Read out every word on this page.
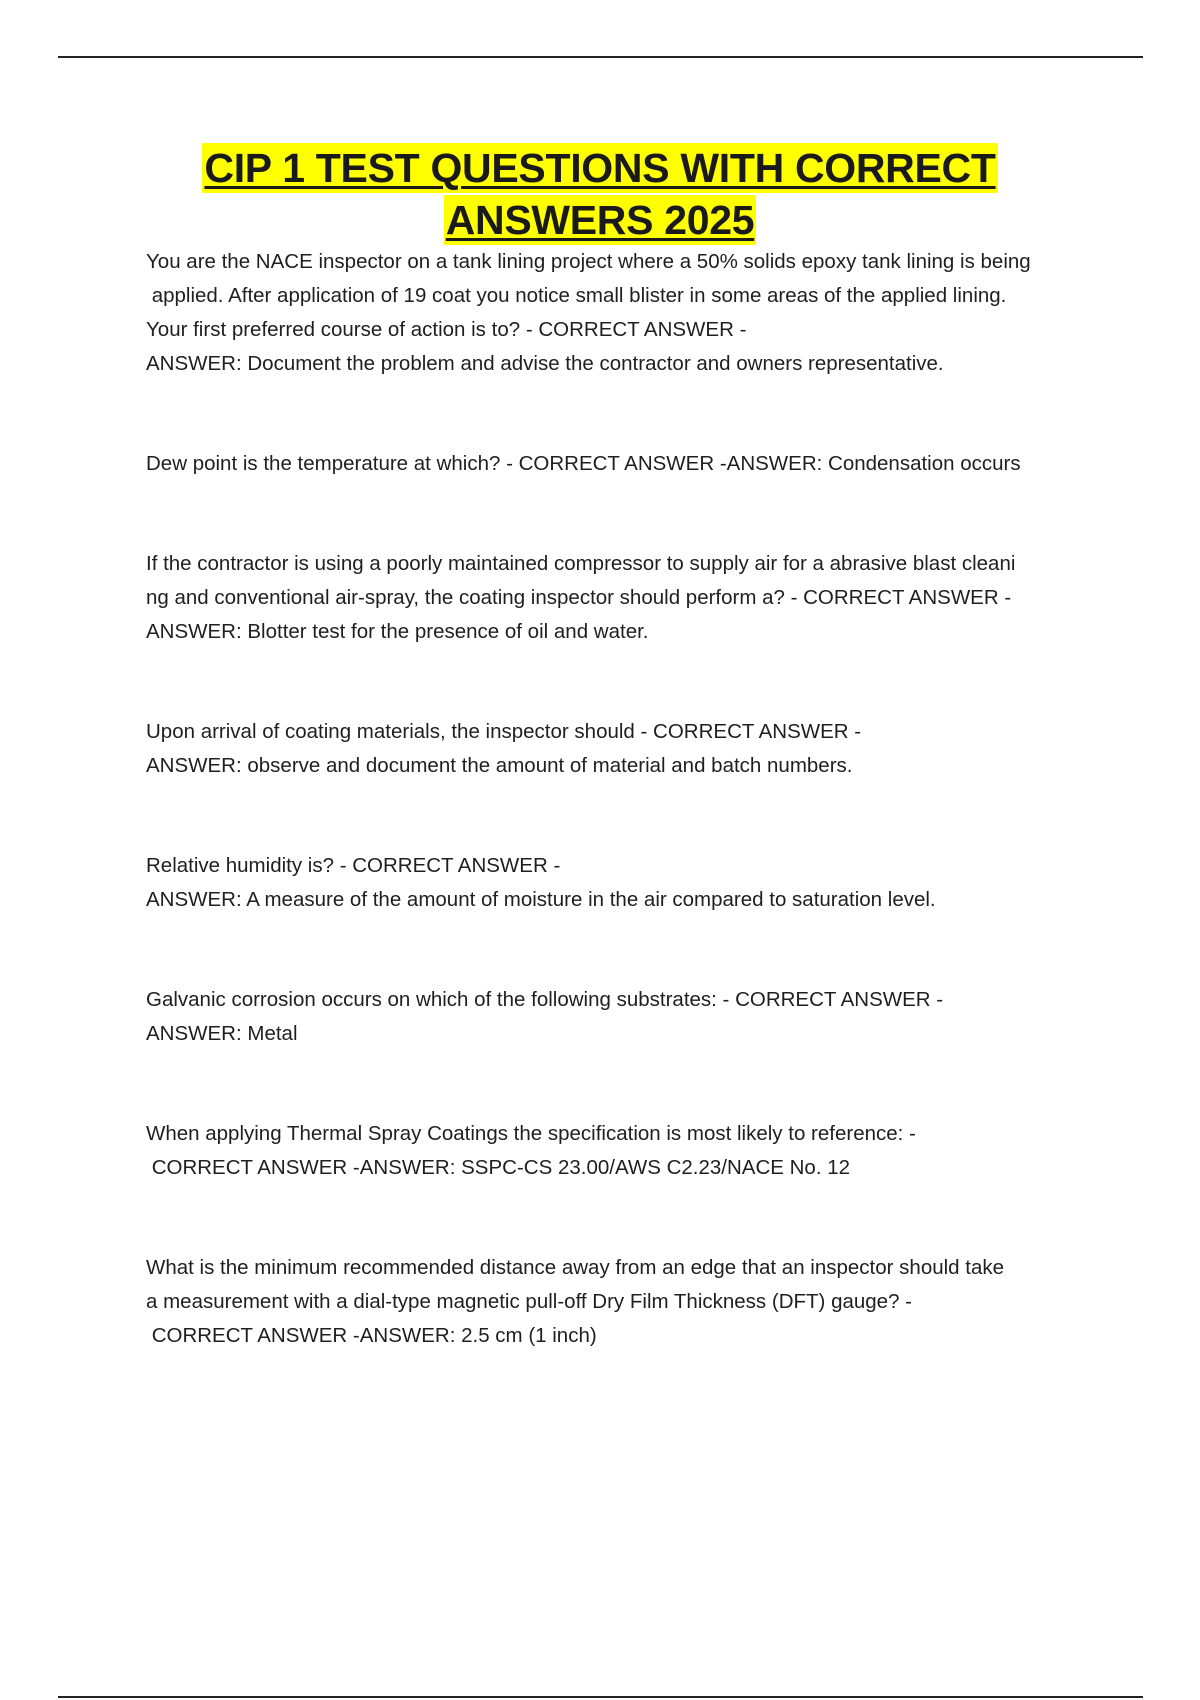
CIP 1 TEST QUESTIONS WITH CORRECT
ANSWERS 2025

You are the NACE inspector on a tank lining project where a 50% solids epoxy tank lining is being

applied. After application of 19 coat you notice small blister in some areas of the applied lining.

Your first preferred course of action is to? - CORRECT ANSWER -

ANSWER: Document the problem and advise the contractor and owners representative.

Dew point is the temperature at which? - CORRECT ANSWER -ANSWER: Condensation occurs

If the contractor is using a poorly maintained compressor to supply air for a abrasive blast cleani

ng and conventional air-spray, the coating inspector should perform a? - CORRECT ANSWER -

ANSWER: Blotter test for the presence of oil and water.

Upon arrival of coating materials, the inspector should - CORRECT ANSWER -

ANSWER: observe and document the amount of material and batch numbers.

Relative humidity is? - CORRECT ANSWER -

ANSWER: A measure of the amount of moisture in the air compared to saturation level.

Galvanic corrosion occurs on which of the following substrates: - CORRECT ANSWER -

ANSWER: Metal

When applying Thermal Spray Coatings the specification is most likely to reference: -

CORRECT ANSWER -ANSWER: SSPC-CS 23.00/AWS C2.23/NACE No. 12

What is the minimum recommended distance away from an edge that an inspector should take

a measurement with a dial-type magnetic pull-off Dry Film Thickness (DFT) gauge? -

CORRECT ANSWER -ANSWER: 2.5 cm (1 inch)
